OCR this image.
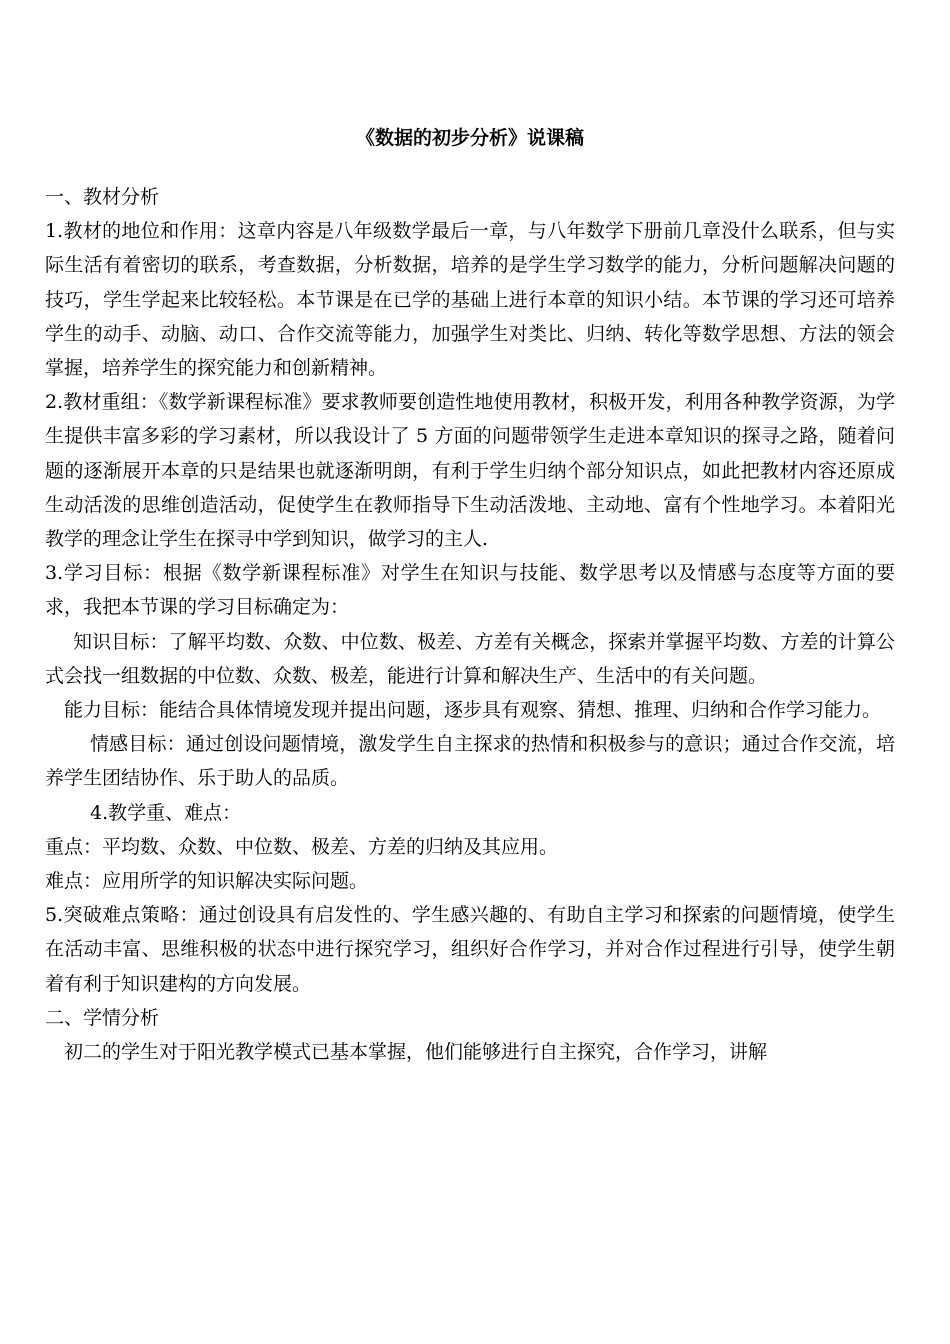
《数据的初步分析》说课稿

一、教材分析

1.教材的地位和作用：这章内容是八年级数学最后一章，与八年数学下册前几章没什么联系，但与实际生活有着密切的联系，考查数据，分析数据，培养的是学生学习数学的能力，分析问题解决问题的技巧，学生学起来比较轻松。本节课是在已学的基础上进行本章的知识小结。本节课的学习还可培养学生的动手、动脑、动口、合作交流等能力，加强学生对类比、归纳、转化等数学思想、方法的领会掌握，培养学生的探究能力和创新精神。

2.教材重组：《数学新课程标准》要求教师要创造性地使用教材，积极开发，利用各种教学资源，为学生提供丰富多彩的学习素材，所以我设计了 5 方面的问题带领学生走进本章知识的探寻之路，随着问题的逐渐展开本章的只是结果也就逐渐明朗，有利于学生归纳个部分知识点，如此把教材内容还原成生动活泼的思维创造活动，促使学生在教师指导下生动活泼地、主动地、富有个性地学习。本着阳光教学的理念让学生在探寻中学到知识，做学习的主人.

3.学习目标：根据《数学新课程标准》对学生在知识与技能、数学思考以及情感与态度等方面的要求，我把本节课的学习目标确定为：

知识目标：了解平均数、众数、中位数、极差、方差有关概念，探索并掌握平均数、方差的计算公式会找一组数据的中位数、众数、极差，能进行计算和解决生产、生活中的有关问题。

能力目标：能结合具体情境发现并提出问题，逐步具有观察、猜想、推理、归纳和合作学习能力。

情感目标：通过创设问题情境，激发学生自主探求的热情和积极参与的意识；通过合作交流，培养学生团结协作、乐于助人的品质。

4.教学重、难点：

重点：平均数、众数、中位数、极差、方差的归纳及其应用。

难点：应用所学的知识解决实际问题。

5.突破难点策略：通过创设具有启发性的、学生感兴趣的、有助自主学习和探索的问题情境，使学生在活动丰富、思维积极的状态中进行探究学习，组织好合作学习，并对合作过程进行引导，使学生朝着有利于知识建构的方向发展。

二、学情分析

初二的学生对于阳光教学模式已基本掌握，他们能够进行自主探究，合作学习，讲解
